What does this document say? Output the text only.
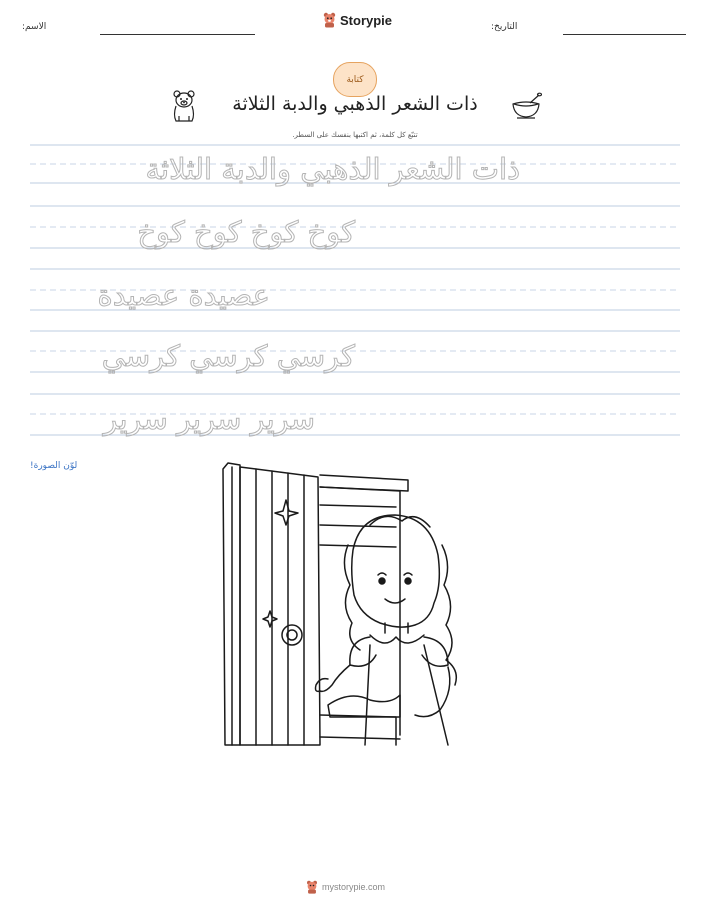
الاسم:	Storypie	التاريخ:
كتابة
ذات الشعر الذهبي والدبة الثلاثة
تتبّع كل كلمة، ثم اكتبها بنفسك على السطر.
ذات الشعر الذهبي والدبة الثلاثة
كوخ كوخ كوخ كوخ
عصيدة عصيدة
كرسي كرسي كرسي
سرير سرير سرير
لوّن الصورة!
mystorypie.com
